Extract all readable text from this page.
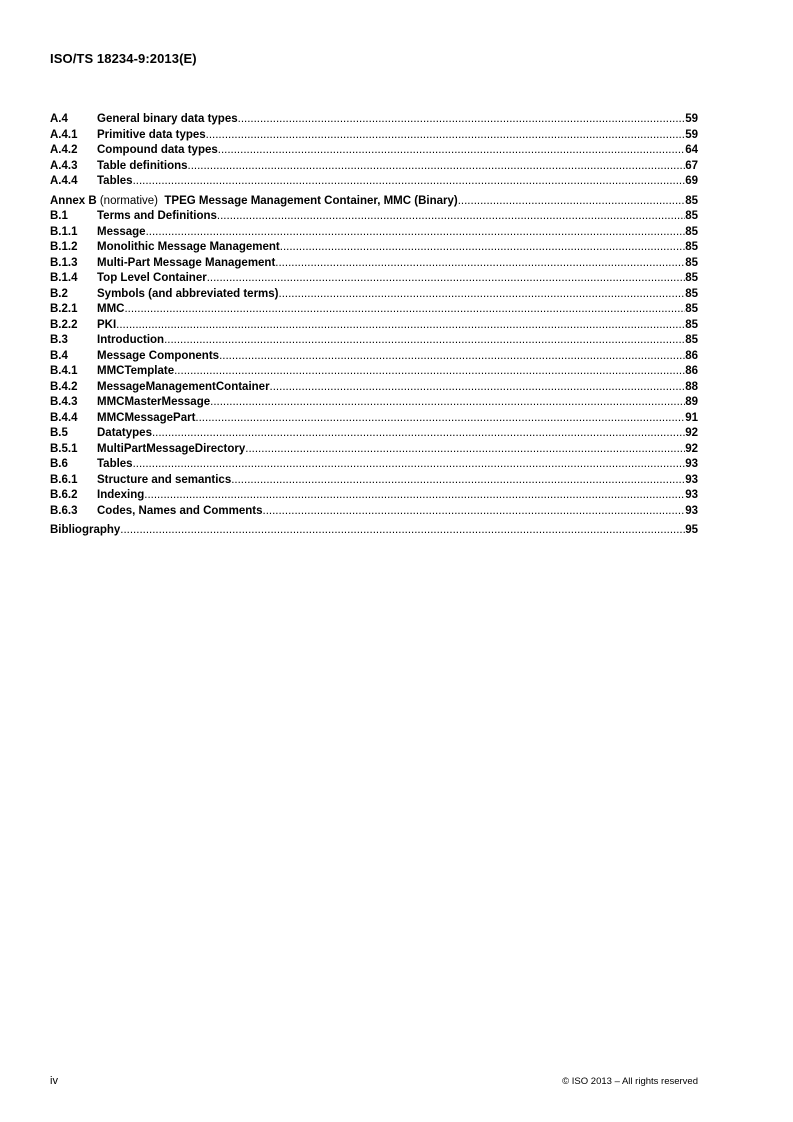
ISO/TS 18234-9:2013(E)
A.4	General binary data types .....	59
A.4.1	Primitive data types .....	59
A.4.2	Compound data types .....	64
A.4.3	Table definitions .....	67
A.4.4	Tables .....	69
Annex B (normative) TPEG Message Management Container, MMC (Binary) .....	85
B.1	Terms and Definitions .....	85
B.1.1	Message .....	85
B.1.2	Monolithic Message Management .....	85
B.1.3	Multi-Part Message Management .....	85
B.1.4	Top Level Container .....	85
B.2	Symbols (and abbreviated terms) .....	85
B.2.1	MMC .....	85
B.2.2	PKI .....	85
B.3	Introduction .....	85
B.4	Message Components .....	86
B.4.1	MMCTemplate .....	86
B.4.2	MessageManagementContainer .....	88
B.4.3	MMCMasterMessage .....	89
B.4.4	MMCMessagePart .....	91
B.5	Datatypes .....	92
B.5.1	MultiPartMessageDirectory .....	92
B.6	Tables .....	93
B.6.1	Structure and semantics .....	93
B.6.2	Indexing .....	93
B.6.3	Codes, Names and Comments .....	93
Bibliography .....	95
iv	© ISO 2013 – All rights reserved
